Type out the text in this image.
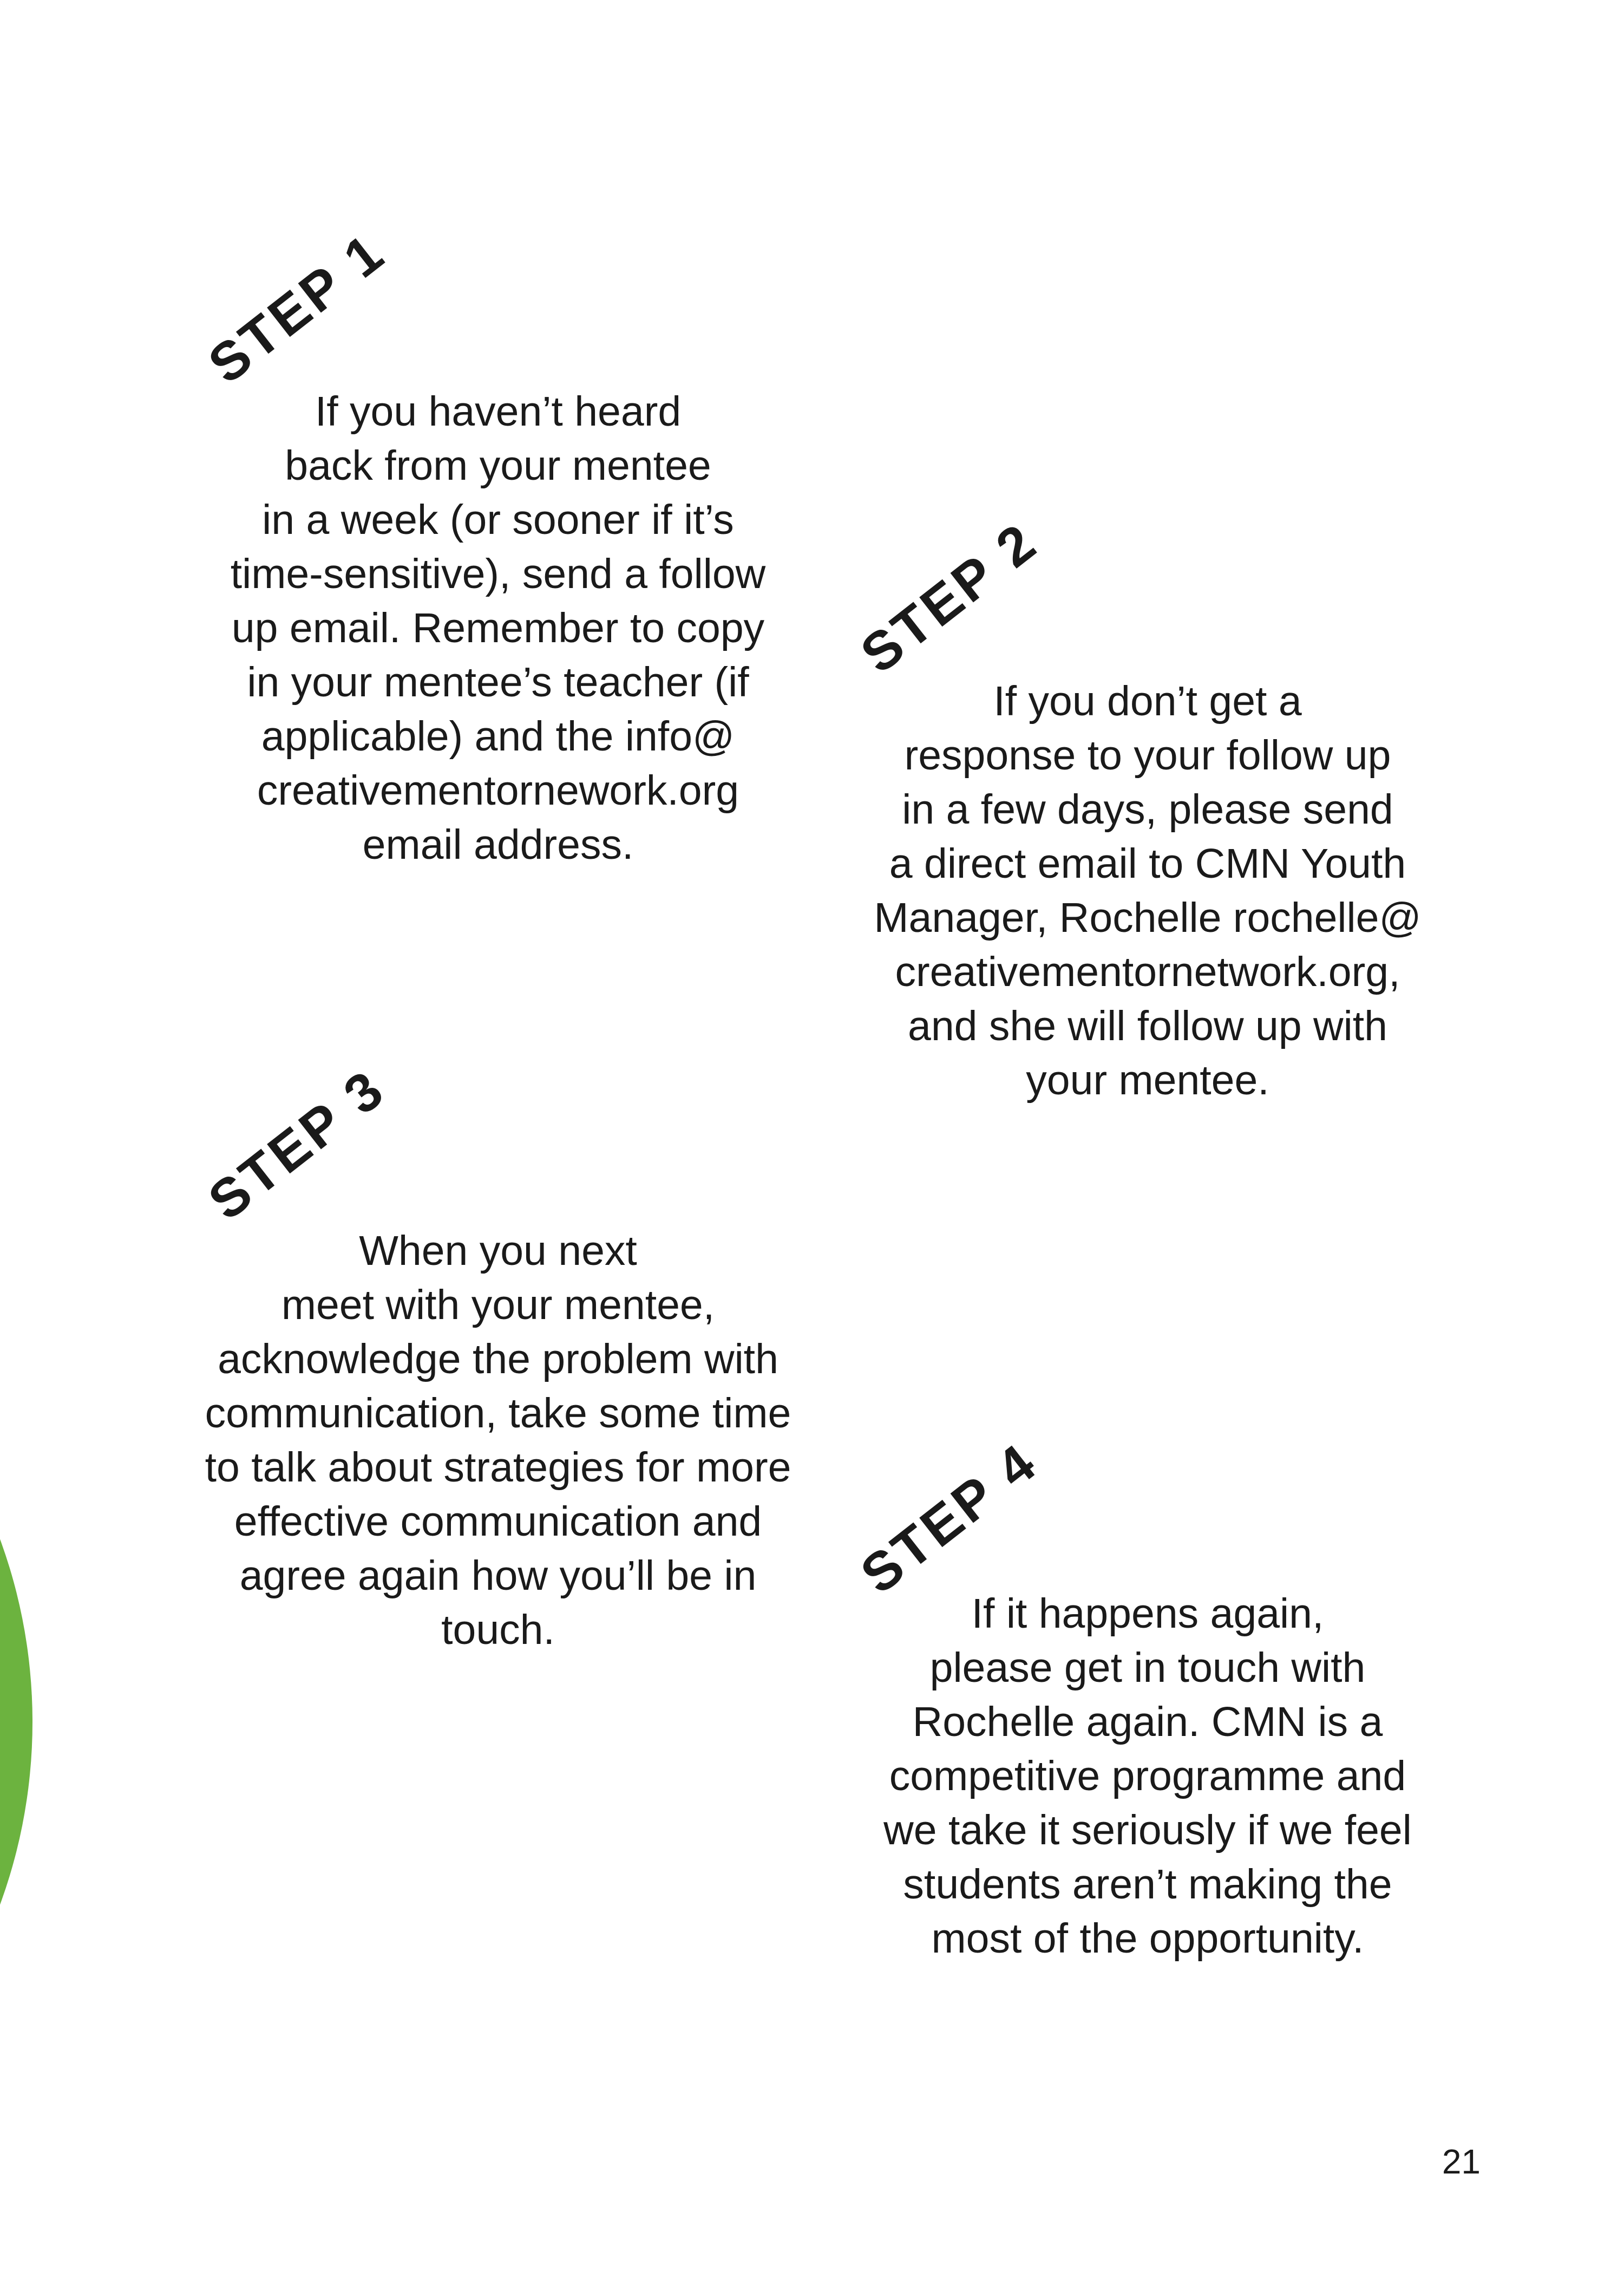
STEP 1
If you haven’t heard
back from your mentee
in a week (or sooner if it’s
time-sensitive), send a follow
up email. Remember to copy
in your mentee’s teacher (if
applicable) and the info@
creativementornework.org
email address.
STEP 2
If you don’t get a
response to your follow up
in a few days, please send
a direct email to CMN Youth
Manager, Rochelle rochelle@
creativementornetwork.org,
and she will follow up with
your mentee.
STEP 3
When you next
meet with your mentee,
acknowledge the problem with
communication, take some time
to talk about strategies for more
effective communication and
agree again how you’ll be in
touch.
STEP 4
If it happens again,
please get in touch with
Rochelle again. CMN is a
competitive programme and
we take it seriously if we feel
students aren’t making the
most of the opportunity.
21
